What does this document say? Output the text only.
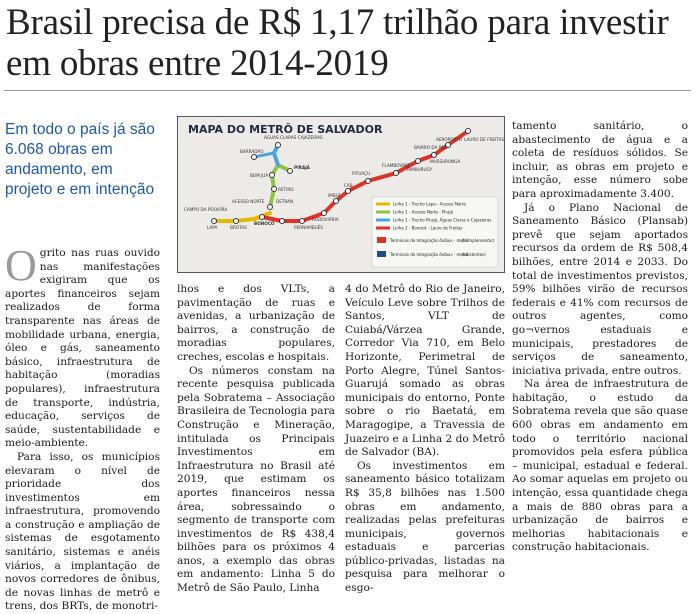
Brasil precisa de R$ 1,17 trilhão para investir em obras entre 2014-2019
Em todo o país já são 6.068 obras em andamento, em projeto e em intenção

Ogrito nas ruas ouvido nas manifestações exigiram que os aportes financeiros sejam realizados de forma transparente nas áreas de mobilidade urbana, energia, óleo e gás, saneamento básico, infraestrutura de habitação (moradias populares), infraestrutura de transporte, indústria, educação, serviços de saúde, sustentabilidade e meio-ambiente.

Para isso, os municípios elevaram o nível de prioridade dos investimentos em infraestrutura, promovendo a construção e ampliação de sistemas de esgotamento sanitário, sistemas e anéis viários, a implantação de novos corredores de ônibus, de novas linhas de metrô e trens, dos BRTs, de monotri-

MAPA DO METRÔ DE SALVADOR
LAPA	BROTAS
BONOCÓ
CAMPO DA PÓLVORA
ACESSO NORTE
RETIRO
BOM JUÁ
DETRAN
PERNAMBUÉS
RODOVIÁRIA
IMBUÍ
CAB
PITUAÇU
FLAMBOYANT
TAMBURUGY
BAIRRO DA PAZ
MUSSURUNGA
AEROPORTO LAURO DE FREITAS
PIRAJÁ
ÁGUAS CLARAS CAJAZEIRAS
BARRADÃO
Linha 1 - Trecho Lapa - Acesso Norte
Linha 1 - Acesso Norte - Pirajá
Linha 1 - Trecho Pirajá, Águas Claras e Cajazeiras
Linha 2 - Bonocó - Lauro de Freitas
Terminais de Integração ônibus - metrô
(a implementar)
Terminais de Integração ônibus - metrô
(existentes)

lhos e dos VLTs, a pavimentação de ruas e avenidas, a urbanização de bairros, a construção de moradias populares, creches, escolas e hospitais.

Os números constam na recente pesquisa publicada pela Sobratema – Associação Brasileira de Tecnologia para Construção e Mineração, intitulada os Principais Investimentos em Infraestrutura no Brasil até 2019, que estimam os aportes financeiros nessa área, sobressaindo o segmento de transporte com investimentos de R$ 438,4 bilhões para os próximos 4 anos, a exemplo das obras em andamento: Linha 5 do Metrô de São Paulo, Linha

4 do Metrô do Rio de Janeiro, Veículo Leve sobre Trilhos de Santos, VLT de Cuiabá/Várzea Grande, Corredor Via 710, em Belo Horizonte, Perimetral de Porto Alegre, Túnel Santos-Guarujá somado as obras municipais do entorno, Ponte sobre o rio Baetatá, em Maragogipe, a Travessia de Juazeiro e a Linha 2 do Metrô de Salvador (BA).

Os investimentos em saneamento básico totalizam R$ 35,8 bilhões nas 1.500 obras em andamento, realizadas pelas prefeituras municipais, governos estaduais e parcerias público-privadas, listadas na pesquisa para melhorar o esgo-

tamento sanitário, o abastecimento de água e a coleta de resíduos sólidos. Se incluir, as obras em projeto e intenção, esse número sobe para aproximadamente 3.400.

Já o Plano Nacional de Saneamento Básico (Plansab) prevê que sejam aportados recursos da ordem de R$ 508,4 bilhões, entre 2014 e 2033. Do total de investimentos previstos, 59% bilhões virão de recursos federais e 41% com recursos de outros agentes, como go¬vernos estaduais e municipais, prestadores de serviços de saneamento, iniciativa privada, entre outros.

Na área de infraestrutura de habitação, o estudo da Sobratema revela que são quase 600 obras em andamento em todo o território nacional promovidos pela esfera pública – municipal, estadual e federal. Ao somar aquelas em projeto ou intenção, essa quantidade chega a mais de 880 obras para a urbanização de bairros e melhorias habitacionais e construção habitacionais.
